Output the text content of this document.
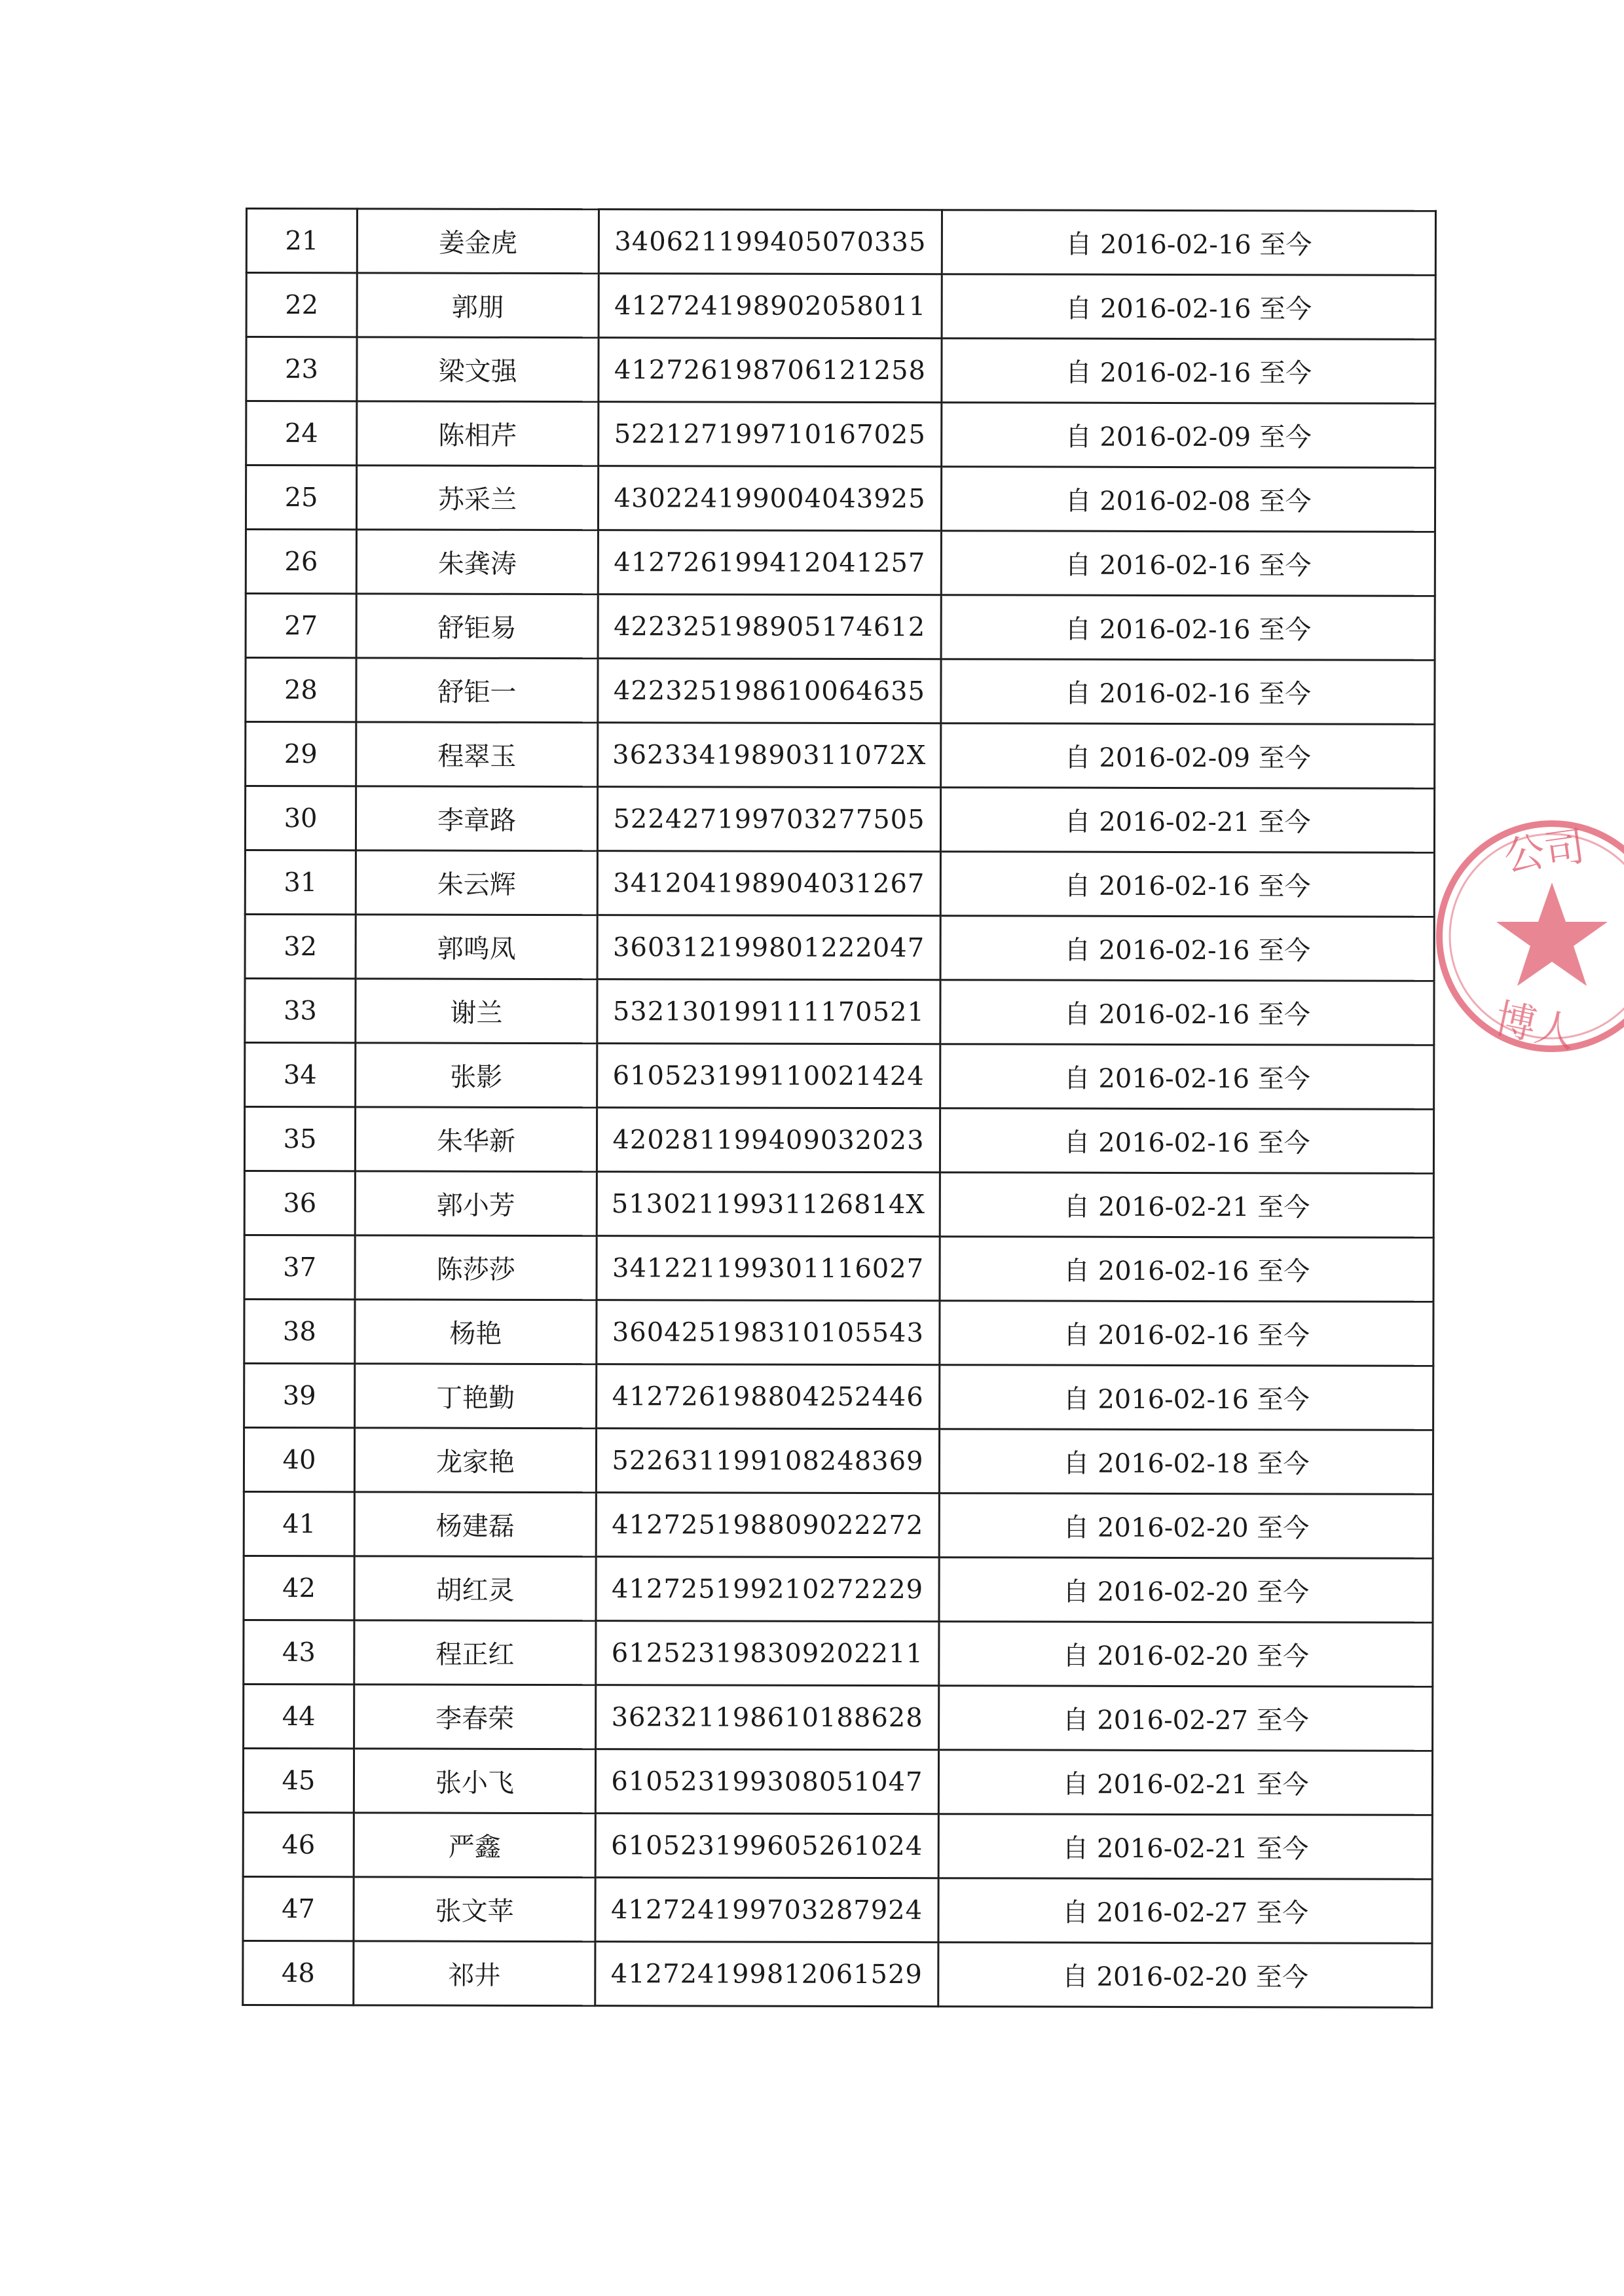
21	姜金虎	340621199405070335	自 2016-02-16 至今
22	郭朋	412724198902058011	自 2016-02-16 至今
23	梁文强	412726198706121258	自 2016-02-16 至今
24	陈相芹	522127199710167025	自 2016-02-09 至今
25	苏采兰	430224199004043925	自 2016-02-08 至今
26	朱龚涛	412726199412041257	自 2016-02-16 至今
27	舒钜易	422325198905174612	自 2016-02-16 至今
28	舒钜一	422325198610064635	自 2016-02-16 至今
29	程翠玉	36233419890311072X	自 2016-02-09 至今
30	李章路	522427199703277505	自 2016-02-21 至今
31	朱云辉	341204198904031267	自 2016-02-16 至今
32	郭鸣凤	360312199801222047	自 2016-02-16 至今
33	谢兰	532130199111170521	自 2016-02-16 至今
34	张影	610523199110021424	自 2016-02-16 至今
35	朱华新	420281199409032023	自 2016-02-16 至今
36	郭小芳	51302119931126814X	自 2016-02-21 至今
37	陈莎莎	341221199301116027	自 2016-02-16 至今
38	杨艳	360425198310105543	自 2016-02-16 至今
39	丁艳勤	412726198804252446	自 2016-02-16 至今
40	龙家艳	522631199108248369	自 2016-02-18 至今
41	杨建磊	412725198809022272	自 2016-02-20 至今
42	胡红灵	412725199210272229	自 2016-02-20 至今
43	程正红	612523198309202211	自 2016-02-20 至今
44	李春荣	362321198610188628	自 2016-02-27 至今
45	张小飞	610523199308051047	自 2016-02-21 至今
46	严鑫	610523199605261024	自 2016-02-21 至今
47	张文苹	412724199703287924	自 2016-02-27 至今
48	祁井	412724199812061529	自 2016-02-20 至今
公司
博人
